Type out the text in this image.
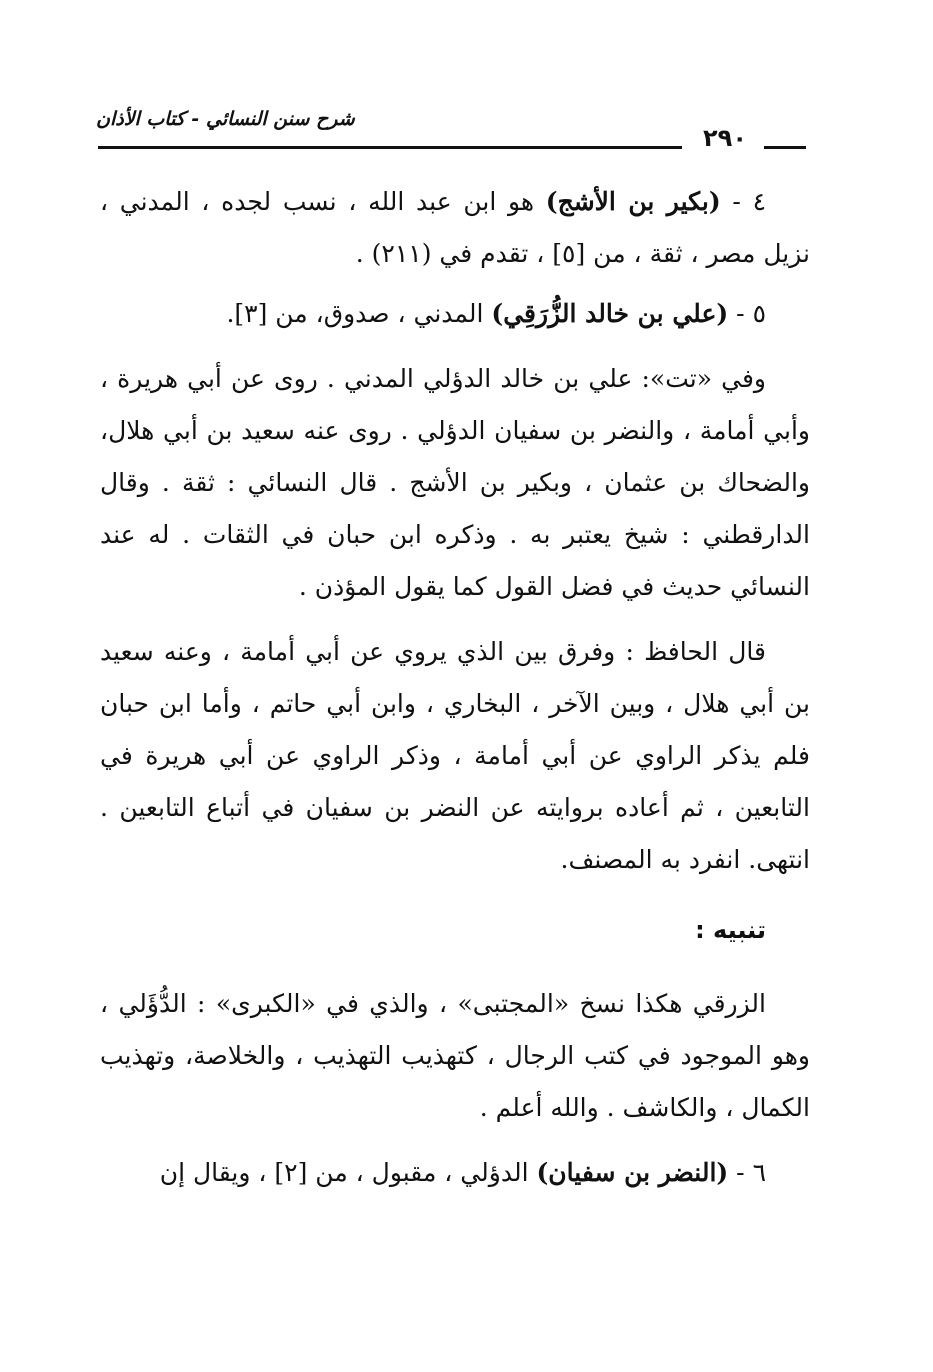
شرح سنن النسائي - كتاب الأذان
٢٩٠

٤ - (بكير بن الأشج) هو ابن عبد الله ، نسب لجده ، المدني ، نزيل مصر ، ثقة ، من [٥] ، تقدم في (٢١١) .

٥ - (علي بن خالد الزُّرَقِي) المدني ، صدوق، من [٣].

وفي «تت»: علي بن خالد الدؤلي المدني . روى عن أبي هريرة ، وأبي أمامة ، والنضر بن سفيان الدؤلي . روى عنه سعيد بن أبي هلال، والضحاك بن عثمان ، وبكير بن الأشج . قال النسائي : ثقة . وقال الدارقطني : شيخ يعتبر به . وذكره ابن حبان في الثقات . له عند النسائي حديث في فضل القول كما يقول المؤذن .

قال الحافظ : وفرق بين الذي يروي عن أبي أمامة ، وعنه سعيد بن أبي هلال ، وبين الآخر ، البخاري ، وابن أبي حاتم ، وأما ابن حبان فلم يذكر الراوي عن أبي أمامة ، وذكر الراوي عن أبي هريرة في التابعين ، ثم أعاده بروايته عن النضر بن سفيان في أتباع التابعين . انتهى. انفرد به المصنف.

تنبيه :

الزرقي هكذا نسخ «المجتبى» ، والذي في «الكبرى» : الدُّؤَلي ، وهو الموجود في كتب الرجال ، كتهذيب التهذيب ، والخلاصة، وتهذيب الكمال ، والكاشف . والله أعلم .

٦ - (النضر بن سفيان) الدؤلي ، مقبول ، من [٢] ، ويقال إن
